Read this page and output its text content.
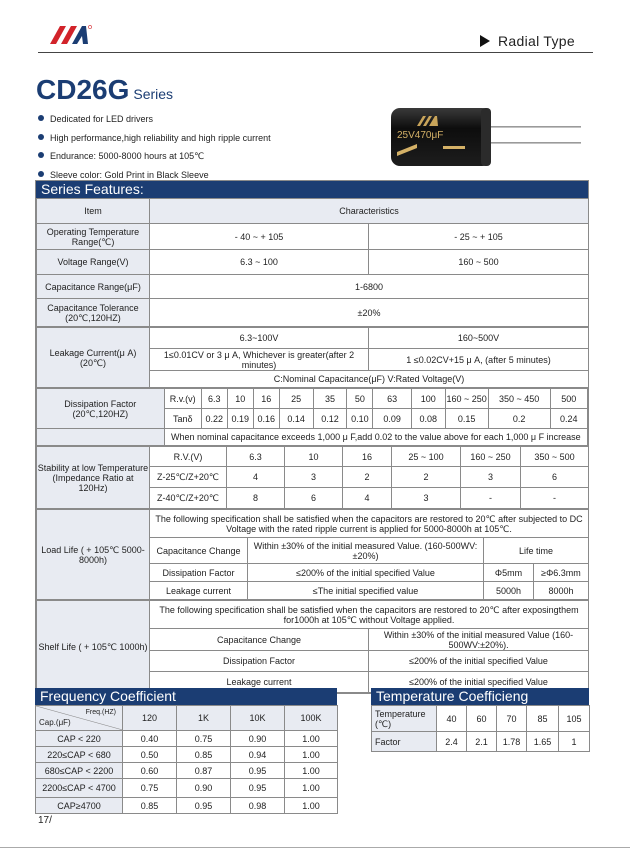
Radial Type
CD26G Series
Dedicated for LED drivers
High performance,high reliability and high ripple current
Endurance: 5000-8000 hours at 105℃
Sleeve color: Gold Print in Black Sleeve
25V470μF
Series Features:
Item	Characteristics	
Operating Temperature Range(℃)	- 40 ~ + 105	- 25 ~ + 105
Voltage Range(V)	6.3 ~ 100	160 ~ 500
Capacitance Range(μF)	1-6800	
Capacitance Tolerance (20℃,120HZ)	±20%	
Leakage Current(μ A) (20℃)	6.3~100V	160~500V
	1≤0.01CV or 3 μ A, Whichever is greater(after 2 minutes)	1 ≤0.02CV+15 μ A, (after 5 minutes)
	C:Nominal Capacitance(μF) V:Rated Voltage(V)	
Dissipation Factor (20℃,120HZ)	R.v.(v)	6.3	10	16	25	35	50	63	100	160 ~ 250	350 ~ 450	500
	Tanδ	0.22	0.19	0.16	0.14	0.12	0.10	0.09	0.08	0.15	0.2	0.24
	When nominal capacitance exceeds 1,000 μ F,add 0.02 to the value above for each 1,000 μ F increase											
Stability at low Temperature (Impedance Ratio at 120Hz)	R.V.(V)	6.3	10	16	25 ~ 100	160 ~ 250	350 ~ 500
	Z-25℃/Z+20℃	4	3	2	2	3	6
	Z-40℃/Z+20℃	8	6	4	3	-	-
Load Life ( + 105℃ 5000-8000h)	The following specification shall be satisfied when the capacitors are restored to 20℃ after subjected to DC Voltage with the rated ripple current is applied for 5000-8000h at 105℃.			
	Capacitance Change	Within ±30% of the initial measured Value. (160-500WV:±20%)	Life time	
	Dissipation Factor	≤200% of the initial specified Value	Φ5mm	≥Φ6.3mm
	Leakage current	≤The initial specified value	5000h	8000h
Shelf Life ( + 105℃ 1000h)	The following specification shall be satisfied when the capacitors are restored to 20℃ after exposingthem for1000h at 105℃ without Voltage applied.	
	Capacitance Change	Within ±30% of the initial measured Value (160-500WV:±20%).
	Dissipation Factor	≤200% of the initial specified Value
	Leakage current	≤200% of the initial specified Value
Frequency Coefficient
Freq.(HZ)
Cap.(μF)	120	1K	10K	100K
CAP < 220	0.40	0.75	0.90	1.00
220≤CAP < 680	0.50	0.85	0.94	1.00
680≤CAP < 2200	0.60	0.87	0.95	1.00
2200≤CAP < 4700	0.75	0.90	0.95	1.00
CAP≥4700	0.85	0.95	0.98	1.00
Temperature Coefficieng
Temperature (℃)	40	60	70	85	105
Factor	2.4	2.1	1.78	1.65	1
17/
